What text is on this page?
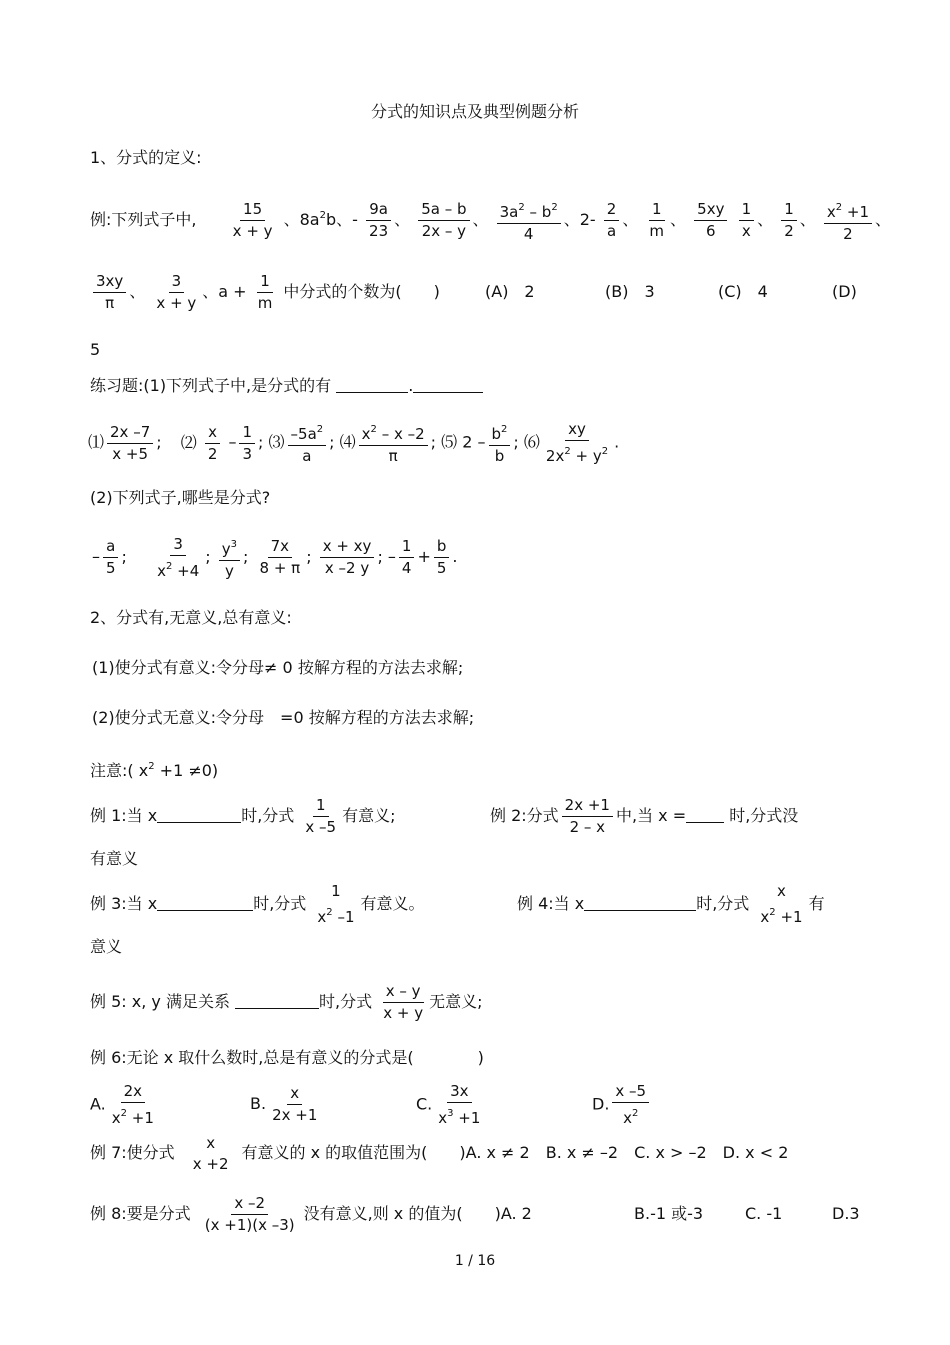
分式的知识点及典型例题分析
1、分式的定义:
例:下列式子中, $\frac{15}{x + y}$ 、$8a^2b$、- $\frac{9a}{23}$ 、 $\frac{5a - b}{2x - y}$ 、 $\frac{3a^2 - b^2}{4}$ 、$2- \frac{2}{a}$ 、 $\frac{1}{m}$ 、 $\frac{5xy}{6}$
$\frac{1}{x}$ 、 $\frac{1}{2}$ 、 $\frac{x^2 +1}{2}$ 、
$\frac{3xy}{\pi}$ 、 $\frac{3}{x + y}$ 、$a + \frac{1}{m}$ 中分式的个数为(　　)	(A)　2	(B)　3	(C)　4	(D)
5
练习题:(1)下列式子中,是分式的有	.
⑴ $\frac{2x -7}{x +5}$ ; ⑵ $\frac{x}{2} - \frac{1}{3}$ ; ⑶ $\frac{-5a^2}{a}$ ; ⑷ $\frac{x^2 - x -2}{\pi}$ ; ⑸ $2 - \frac{b^2}{b}$ ; ⑹ $\frac{xy}{2x^2 + y^2}$ .
(2)下列式子,哪些是分式?
– $\frac{a}{5}$ ; $\frac{3}{x^2 +4}$ ; $\frac{y^3}{y}$ ; $\frac{7x}{8 + \pi}$ ; $\frac{x + xy}{x -2 y}$ ; – $\frac{1}{4} + \frac{b}{5}$ .
2、分式有,无意义,总有意义:
(1)使分式有意义:令分母≠ 0 按解方程的方法去求解;
(2)使分式无意义:令分母　=0 按解方程的方法去求解;
注意:( $x^2 +1 \ne 0$)
例 1:当 x	时,分式 $\frac{1}{x -5}$ 有意义;	例 2:分式 $\frac{2x +1}{2 - x}$ 中,当 x =	时,分式没
有意义
例 3:当 x	时,分式
1
$x^2$ –1
有意义。	例 4:当 x	时,分式
x
$x^2 +1$
有
意义
例 5: x, y 满足关系	时,分式 $\frac{x - y}{x + y}$ 无意义;
例 6:无论 x 取什么数时,总是有意义的分式是(　　　　)
A. $\frac{2x}{x^2 +1}$	B. $\frac{x}{2x +1}$	C. $\frac{3x}{x^3 +1}$	D. $\frac{x -5}{x^2}$
例 7:使分式
x
x +2
有意义的 x 的取值范围为(　　)A. x ≠ 2　B. x ≠ –2　C. x > –2　D. x < 2
例 8:要是分式 $\frac{x -2}{(x +1)(x -3)}$ 没有意义,则 x 的值为(　　)A. 2	B.-1 或-3	C. -1	D.3
1 / 16
